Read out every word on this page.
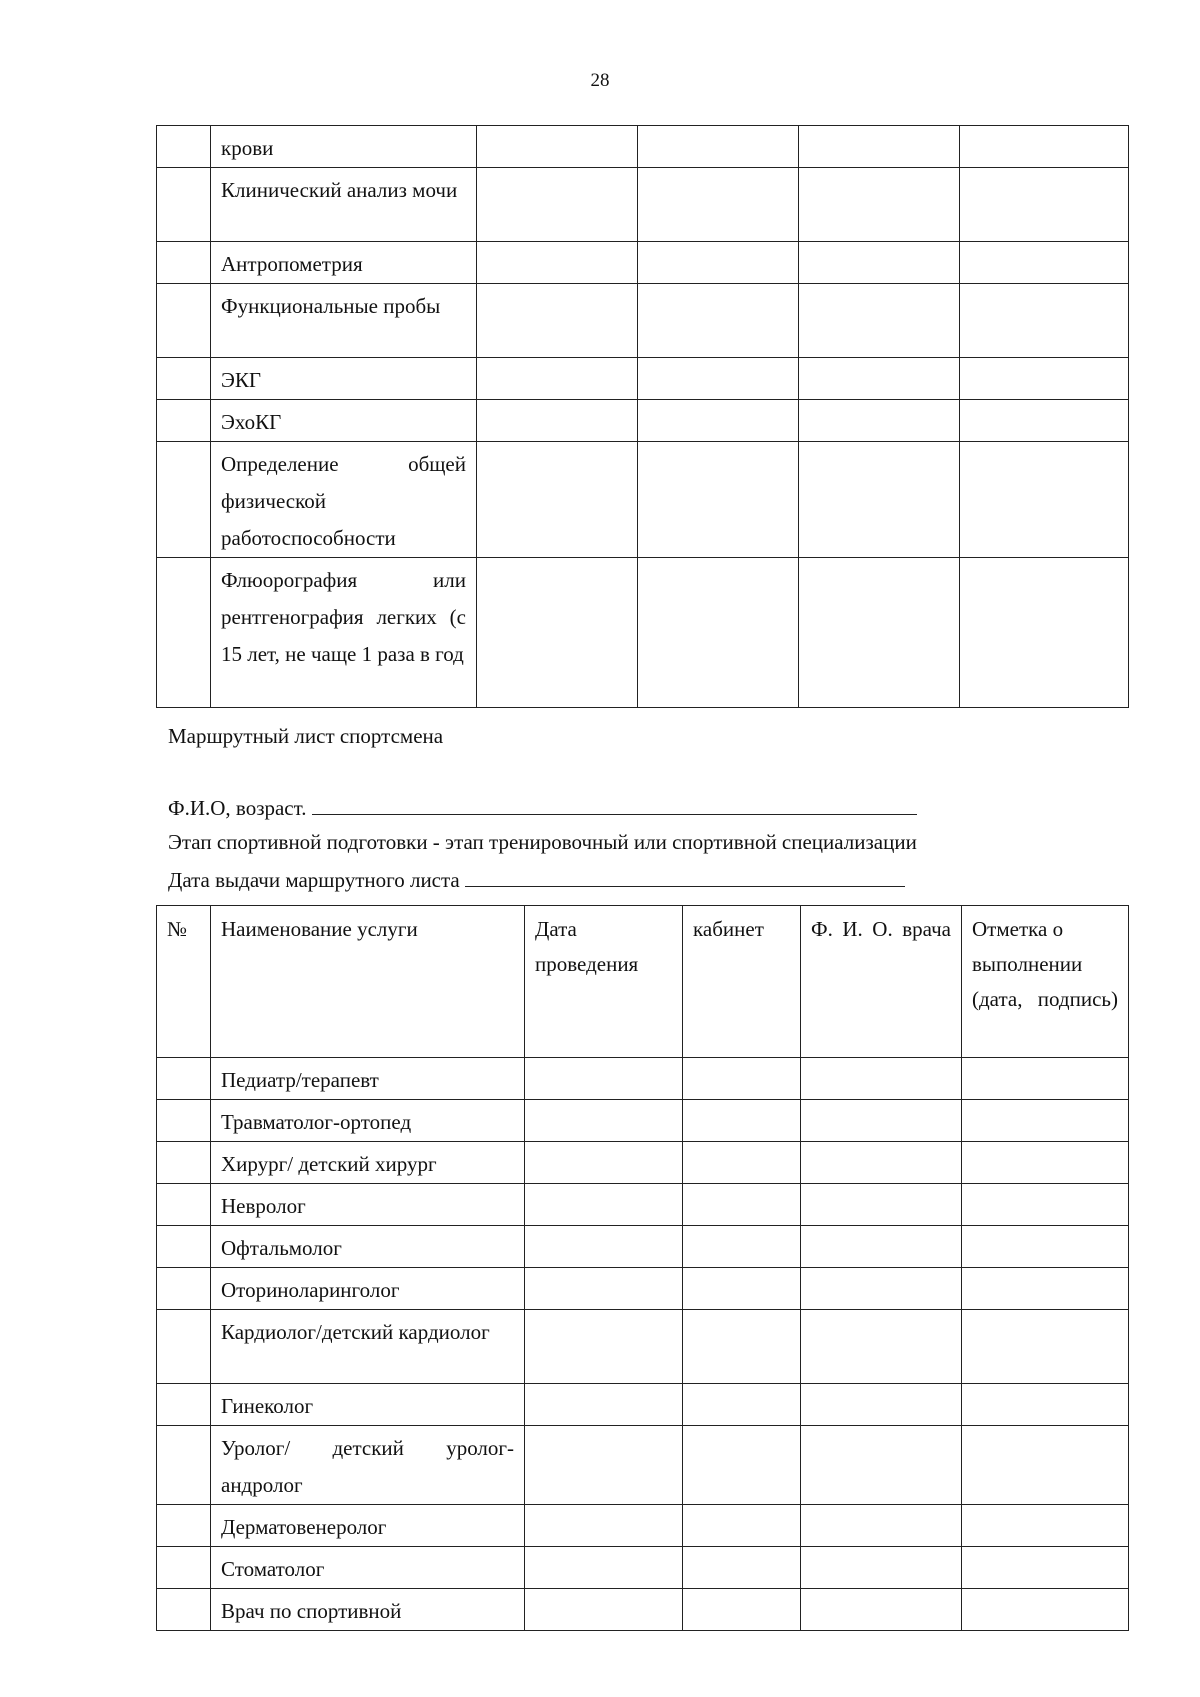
28
	крови				
	Клинический анализ мочи				
	Антропометрия				
	Функциональные пробы				
	ЭКГ				
	ЭхоКГ				
	Определение общей физической работоспособности				
	Флюорография или рентгенография легких (с 15 лет, не чаще 1 раза в год				
Маршрутный лист спортсмена
Ф.И.О, возраст.
Этап спортивной подготовки - этап тренировочный или спортивной специализации
Дата выдачи маршрутного листа
№	Наименование услуги	Дата проведения	кабинет	Ф. И. О. врача	Отметка о выполнении (дата, подпись)
	Педиатр/терапевт				
	Травматолог-ортопед				
	Хирург/ детский хирург				
	Невролог				
	Офтальмолог				
	Оториноларинголог				
	Кардиолог/детский кардиолог				
	Гинеколог				
	Уролог/ детский уролог-андролог				
	Дерматовенеролог				
	Стоматолог				
	Врач по спортивной				
